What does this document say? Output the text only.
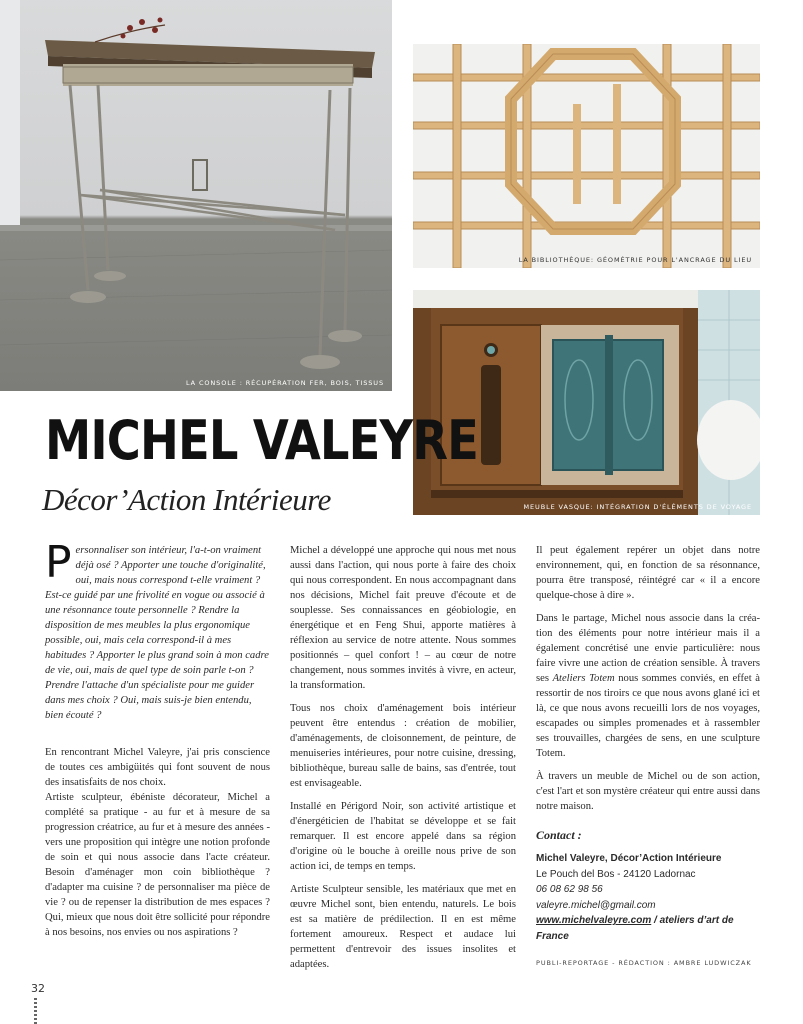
LA CONSOLE : RÉCUPÉRATION FER, BOIS, TISSUS
LA BIBLIOTHÈQUE: GÉOMÉTRIE POUR L'ANCRAGE DU LIEU
MEUBLE VASQUE: INTÉGRATION D'ÉLÉMENTS DE VOYAGE
MICHEL VALEYRE
Décor’Action Intérieure

Personnaliser son intérieur, l'a-t-on vraiment déjà osé ? Apporter une touche d'originalité, oui, mais nous correspond t-elle vraiment ? Est-ce guidé par une frivolité en vogue ou associé à une résonnance toute personnelle ? Rendre la disposition de mes meubles la plus ergonomique possible, oui, mais cela correspond-il à mes habitudes ? Apporter le plus grand soin à mon cadre de vie, oui, mais de quel type de soin parle t-on ? Prendre l'attache d'un spécialiste pour me guider dans mes choix ? Oui, mais suis-je bien entendu, bien écouté ?

En rencontrant Michel Valeyre, j'ai pris conscience de toutes ces ambigüités qui font souvent de nous des insatisfaits de nos choix.

Artiste sculpteur, ébéniste décorateur, Michel a complété sa pratique - au fur et à mesure de sa progression créatrice, au fur et à mesure des années - vers une proposition qui intègre une notion profonde de soin et qui nous associe dans l'acte créateur. Besoin d'aménager mon coin bibliothèque ? d'adapter ma cuisine ? de personnaliser ma pièce de vie ? ou de repenser la distribution de mes espaces ? Qui, mieux que nous doit être sollicité pour répondre à nos besoins, nos envies ou nos aspirations ?

Michel a développé une approche qui nous met nous aussi dans l'action, qui nous porte à faire des choix qui nous correspondent. En nous accompagnant dans nos décisions, Michel fait preuve d'écoute et de souplesse. Ses connaissances en géobiologie, en énergétique et en Feng Shui, apporte matières à réflexion au service de notre attente. Nous sommes positionnés – quel confort ! – au cœur de notre changement, nous sommes invités à vivre, en acteur, la transformation.

Tous nos choix d'aménagement bois intérieur peuvent être entendus : création de mobilier, d'aménagements, de cloisonnement, de peinture, de menuiseries intérieures, pour notre cuisine, dressing, bibliothèque, bureau salle de bains, sas d'entrée, tout est envisageable.

Installé en Périgord Noir, son activité artistique et d'énergéticien de l'habitat se développe et se fait remarquer. Il est encore appelé dans sa région d'origine où le bouche à oreille nous prive de son action ici, de temps en temps.

Artiste Sculpteur sensible, les matériaux que met en œuvre Michel sont, bien entendu, naturels. Le bois est sa matière de prédilection. Il en est même fortement amoureux. Respect et audace lui permettent d'entrevoir des issues insolites et adaptées.

Il peut également repérer un objet dans notre environnement, qui, en fonction de sa résonnance, pourra être transposé, réintégré car « il a encore quelque-chose à dire ».

Dans le partage, Michel nous associe dans la création des éléments pour notre intérieur mais il a également concrétisé une envie particulière: nous faire vivre une action de création sensible. À travers ses Ateliers Totem nous sommes conviés, en effet à ressortir de nos tiroirs ce que nous avons glané ici et là, ce que nous avons recueilli lors de nos voyages, escapades ou simples promenades et à rassembler ses trouvailles, chargées de sens, en une sculpture Totem.

À travers un meuble de Michel ou de son action, c'est l'art et son mystère créateur qui entre aussi dans notre maison.

Contact :
Michel Valeyre, Décor’Action Intérieure
Le Pouch del Bos - 24120 Ladornac
06 08 62 98 56
valeyre.michel@gmail.com
www.michelvaleyre.com / ateliers d’art de France
PUBLI-REPORTAGE - RÉDACTION : AMBRE LUDWICZAK
32
